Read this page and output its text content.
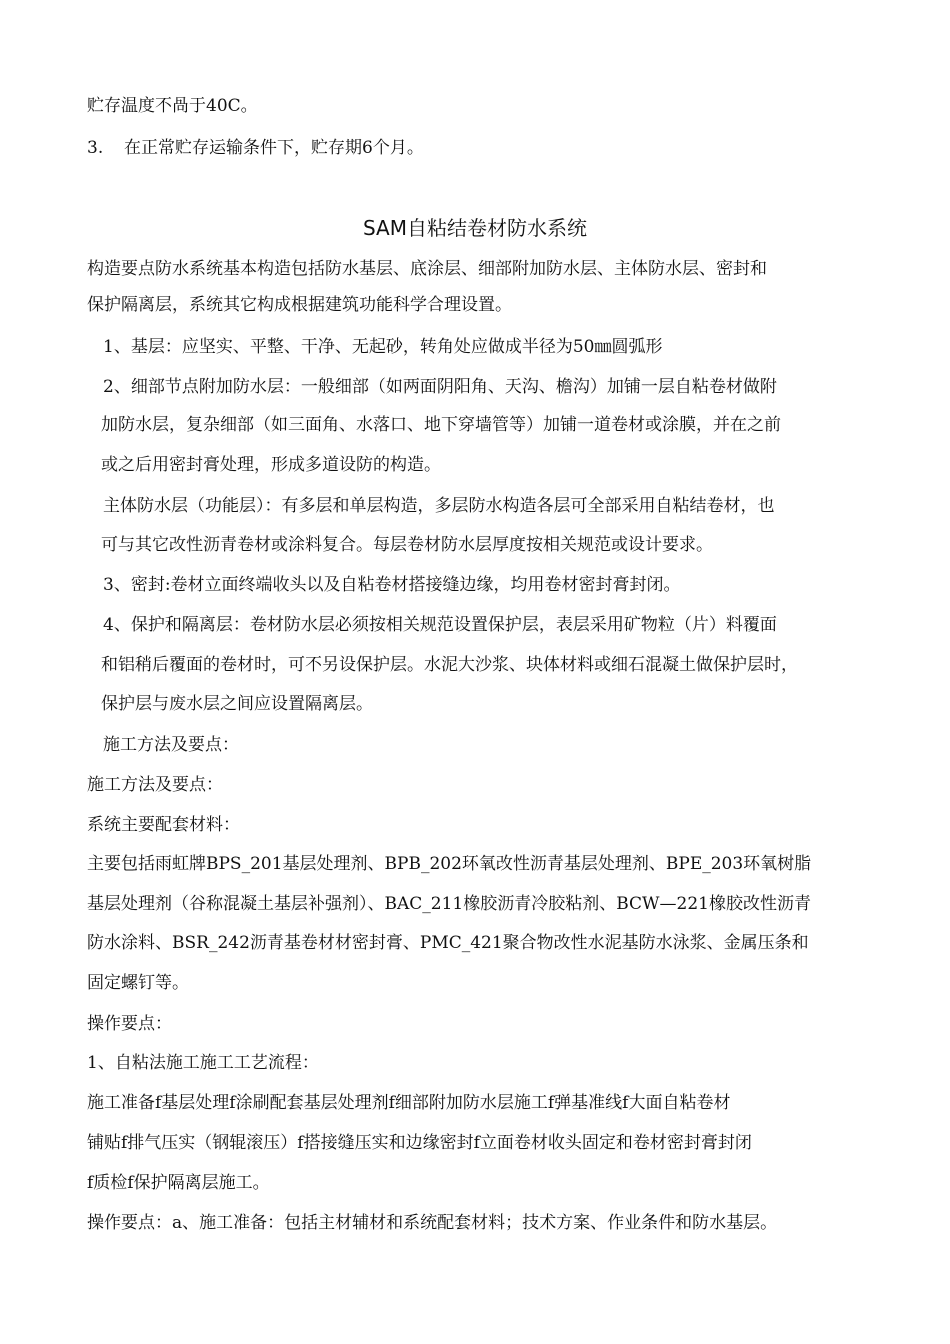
贮存温度不咼于40C。
3. 在正常贮存运输条件下，贮存期6个月。
SAM自粘结卷材防水系统
构造要点防水系统基本构造包括防水基层、底涂层、细部附加防水层、主体防水层、密封和
保护隔离层，系统其它构成根据建筑功能科学合理设置。
1、基层：应坚实、平整、干净、无起砂，转角处应做成半径为50㎜圆弧形
2、细部节点附加防水层：一般细部（如两面阴阳角、天沟、檐沟）加铺一层自粘卷材做附
加防水层，复杂细部（如三面角、水落口、地下穿墙管等）加铺一道卷材或涂膜，并在之前
或之后用密封膏处理，形成多道设防的构造。
主体防水层（功能层）：有多层和单层构造，多层防水构造各层可全部采用自粘结卷材，也
可与其它改性沥青卷材或涂料复合。每层卷材防水层厚度按相关规范或设计要求。
3、密封:卷材立面终端收头以及自粘卷材搭接缝边缘，均用卷材密封膏封闭。
4、保护和隔离层：卷材防水层必须按相关规范设置保护层，表层采用矿物粒（片）料覆面
和铝稍后覆面的卷材时，可不另设保护层。水泥大沙浆、块体材料或细石混凝土做保护层时，
保护层与废水层之间应设置隔离层。
施工方法及要点：
施工方法及要点：
系统主要配套材料：
主要包括雨虹牌BPS_201基层处理剂、BPB_202环氧改性沥青基层处理剂、BPE_203环氧树脂
基层处理剂（谷称混凝土基层补强剂）、BAC_211橡胶沥青冷胶粘剂、BCW—221橡胶改性沥青
防水涂料、BSR_242沥青基卷材材密封膏、PMC_421聚合物改性水泥基防水泳浆、金属压条和
固定螺钉等。
操作要点：
1、自粘法施工施工工艺流程：
施工准备f基层处理f涂刷配套基层处理剂f细部附加防水层施工f弹基准线f大面自粘卷材
铺贴f排气压实（钢辊滚压）f搭接缝压实和边缘密封f立面卷材收头固定和卷材密封膏封闭
f质检f保护隔离层施工。
操作要点：a、施工准备：包括主材辅材和系统配套材料；技术方案、作业条件和防水基层。
